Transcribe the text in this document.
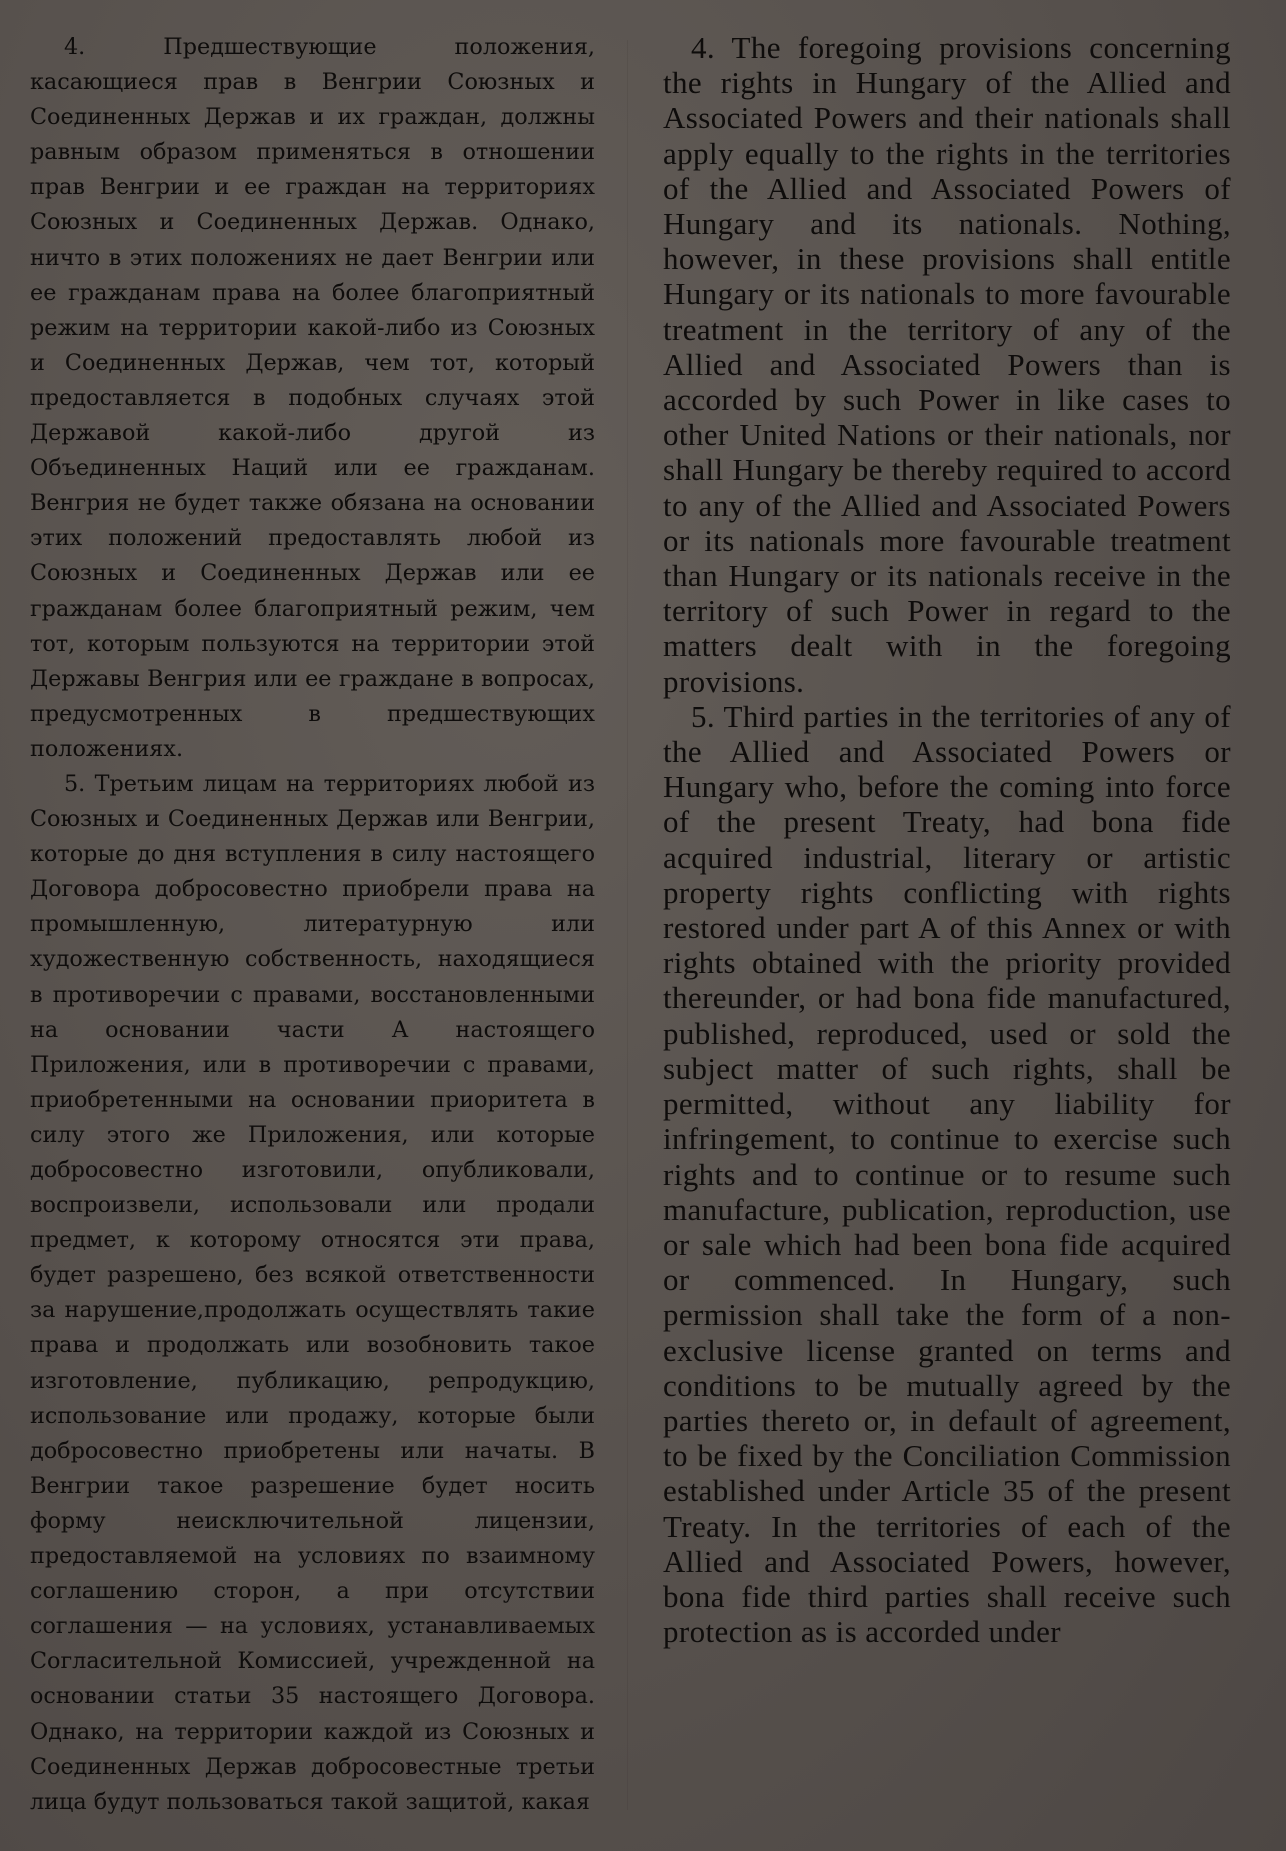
4. Предшествующие положения, касающиеся прав в Венгрии Союзных и Соединенных Держав и их граждан, должны равным образом применяться в отношении прав Венгрии и ее граждан на территориях Союзных и Соединенных Держав. Однако, ничто в этих положениях не дает Венгрии или ее гражданам права на более благоприятный режим на территории какой-либо из Союзных и Соединенных Держав, чем тот, который предоставляется в подобных случаях этой Державой какой-либо другой из Объединенных Наций или ее гражданам. Венгрия не будет также обязана на основании этих положений предоставлять любой из Союзных и Соединенных Держав или ее гражданам более благоприятный режим, чем тот, которым пользуются на территории этой Державы Венгрия или ее граждане в вопросах, предусмотренных в предшествующих положениях.

5. Третьим лицам на территориях любой из Союзных и Соединенных Держав или Венгрии, которые до дня вступления в силу настоящего Договора добросовестно приобрели права на промышленную, литературную или художественную собственность, находящиеся в противоречии с правами, восстановленными на основании части А настоящего Приложения, или в противоречии с правами, приобретенными на основании приоритета в силу этого же Приложения, или которые добросовестно изготовили, опубликовали, воспроизвели, использовали или продали предмет, к которому относятся эти права, будет разрешено, без всякой ответственности за нарушение,продолжать осуществлять такие права и продолжать или возобновить такое изготовление, публикацию, репродукцию, использование или продажу, которые были добросовестно приобретены или начаты. В Венгрии такое разрешение будет носить форму неисключительной лицензии, предоставляемой на условиях по взаимному соглашению сторон, а при отсутствии соглашения — на условиях, устанавливаемых Согласительной Комиссией, учрежденной на основании статьи 35 настоящего Договора. Однако, на территории каждой из Союзных и Соединенных Держав добросовестные третьи лица будут пользоваться такой защитой, какая

4. The foregoing provisions concerning the rights in Hungary of the Allied and Associated Powers and their nationals shall apply equally to the rights in the territories of the Allied and Associated Powers of Hungary and its nationals. Nothing, however, in these provisions shall entitle Hungary or its nationals to more favourable treatment in the territory of any of the Allied and Associated Powers than is accorded by such Power in like cases to other United Nations or their nationals, nor shall Hungary be thereby required to accord to any of the Allied and Associated Powers or its nationals more favourable treatment than Hungary or its nationals receive in the territory of such Power in regard to the matters dealt with in the foregoing provisions.

5. Third parties in the territories of any of the Allied and Associated Powers or Hungary who, before the coming into force of the present Treaty, had bona fide acquired industrial, literary or artistic property rights conflicting with rights restored under part A of this Annex or with rights obtained with the priority provided thereunder, or had bona fide manufactured, published, reproduced, used or sold the subject matter of such rights, shall be permitted, without any liability for infringement, to continue to exercise such rights and to continue or to resume such manufacture, publication, reproduction, use or sale which had been bona fide acquired or commenced. In Hungary, such permission shall take the form of a non-exclusive license granted on terms and conditions to be mutually agreed by the parties thereto or, in default of agreement, to be fixed by the Conciliation Commission established under Article 35 of the present Treaty. In the territories of each of the Allied and Associated Powers, however, bona fide third parties shall receive such protection as is accorded under
